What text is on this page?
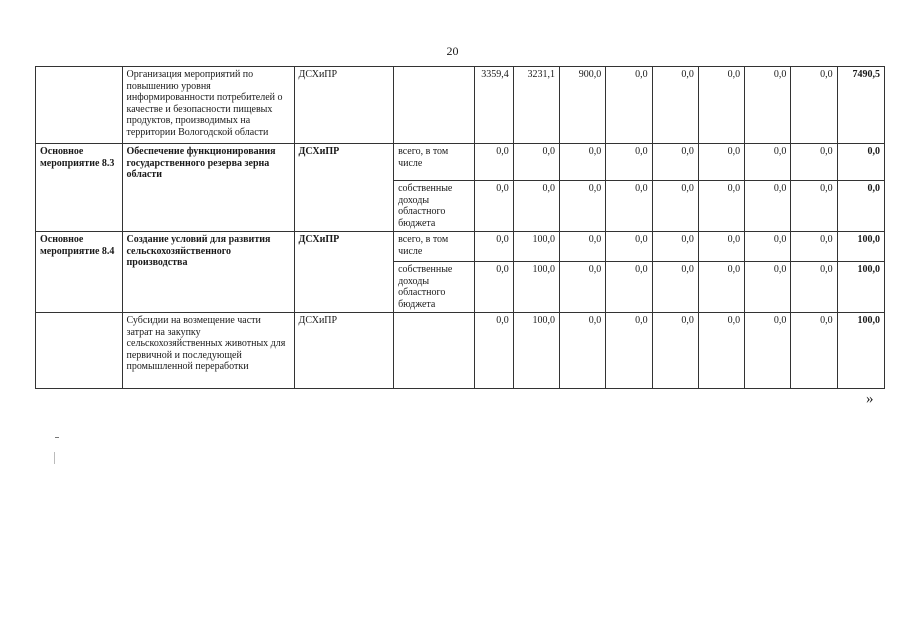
20
	Организация мероприятий по повышению уровня информированности потребителей о качестве и безопасности пищевых продуктов, производимых на территории Вологодской области	ДСХиПР		3359,4	3231,1	900,0	0,0	0,0	0,0	0,0	0,0	7490,5
Основное мероприятие 8.3	Обеспечение функционирования государственного резерва зерна области	ДСХиПР	всего, в том числе	0,0	0,0	0,0	0,0	0,0	0,0	0,0	0,0	0,0
			собственные доходы областного бюджета	0,0	0,0	0,0	0,0	0,0	0,0	0,0	0,0	0,0
Основное мероприятие 8.4	Создание условий для развития сельскохозяйственного производства	ДСХиПР	всего, в том числе	0,0	100,0	0,0	0,0	0,0	0,0	0,0	0,0	100,0
			собственные доходы областного бюджета	0,0	100,0	0,0	0,0	0,0	0,0	0,0	0,0	100,0
	Субсидии на возмещение части затрат на закупку сельскохозяйственных животных для первичной и последующей промышленной переработки	ДСХиПР		0,0	100,0	0,0	0,0	0,0	0,0	0,0	0,0	100,0
»
